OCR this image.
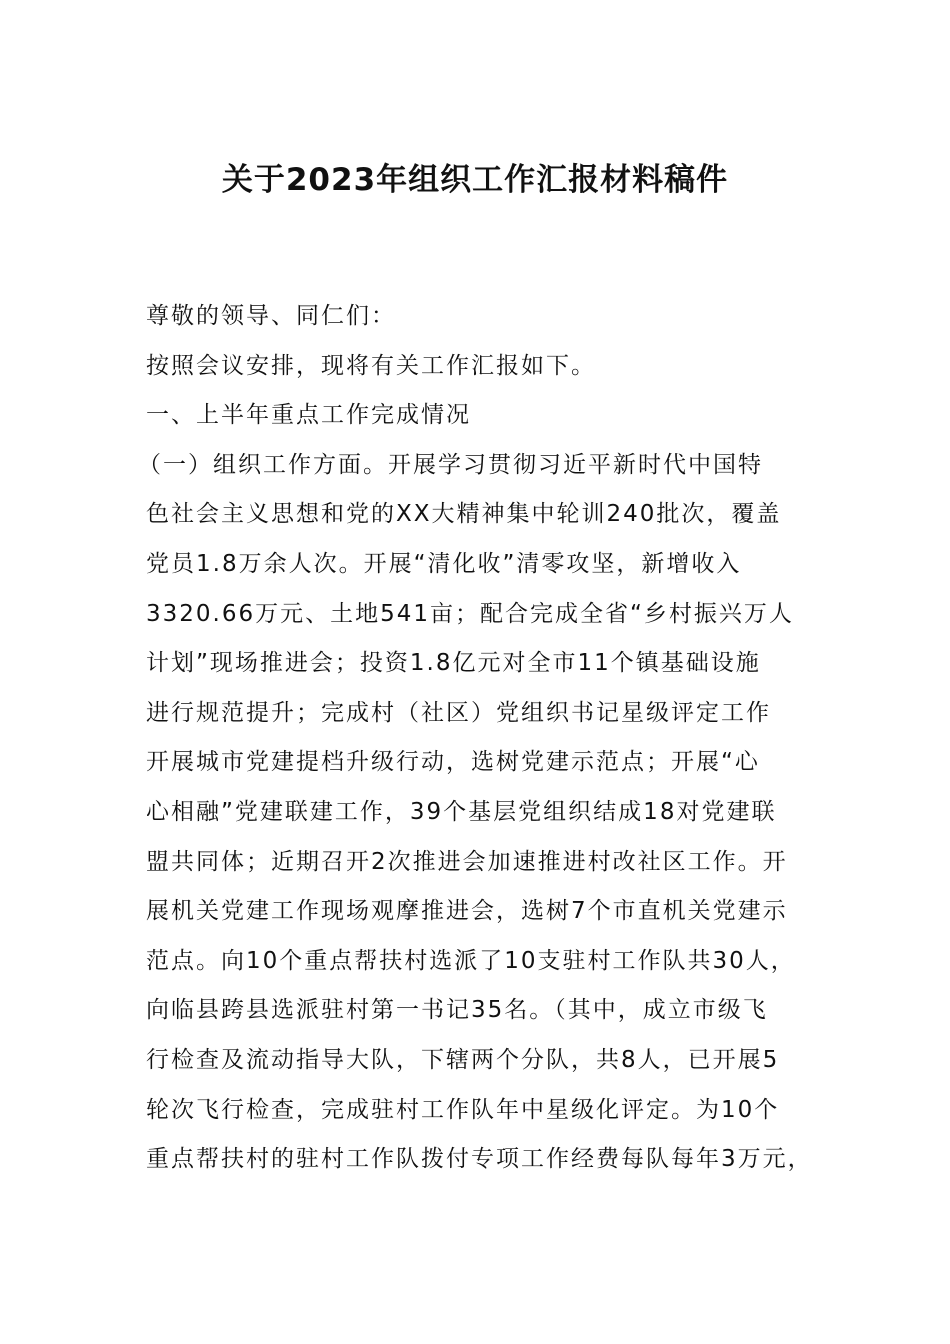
关于2023年组织工作汇报材料稿件
尊敬的领导、同仁们：
按照会议安排，现将有关工作汇报如下。
一、上半年重点工作完成情况
（一）组织工作方面。开展学习贯彻习近平新时代中国特
色社会主义思想和党的XX大精神集中轮训240批次，覆盖
党员1.8万余人次。开展“清化收”清零攻坚，新增收入
3320.66万元、土地541亩；配合完成全省“乡村振兴万人
计划”现场推进会；投资1.8亿元对全市11个镇基础设施
进行规范提升；完成村（社区）党组织书记星级评定工作
开展城市党建提档升级行动，选树党建示范点；开展“心
心相融”党建联建工作，39个基层党组织结成18对党建联
盟共同体；近期召开2次推进会加速推进村改社区工作。开
展机关党建工作现场观摩推进会，选树7个市直机关党建示
范点。向10个重点帮扶村选派了10支驻村工作队共30人，
向临县跨县选派驻村第一书记35名。（其中，成立市级飞
行检查及流动指导大队，下辖两个分队，共8人，已开展5
轮次飞行检查，完成驻村工作队年中星级化评定。为10个
重点帮扶村的驻村工作队拨付专项工作经费每队每年3万元，
